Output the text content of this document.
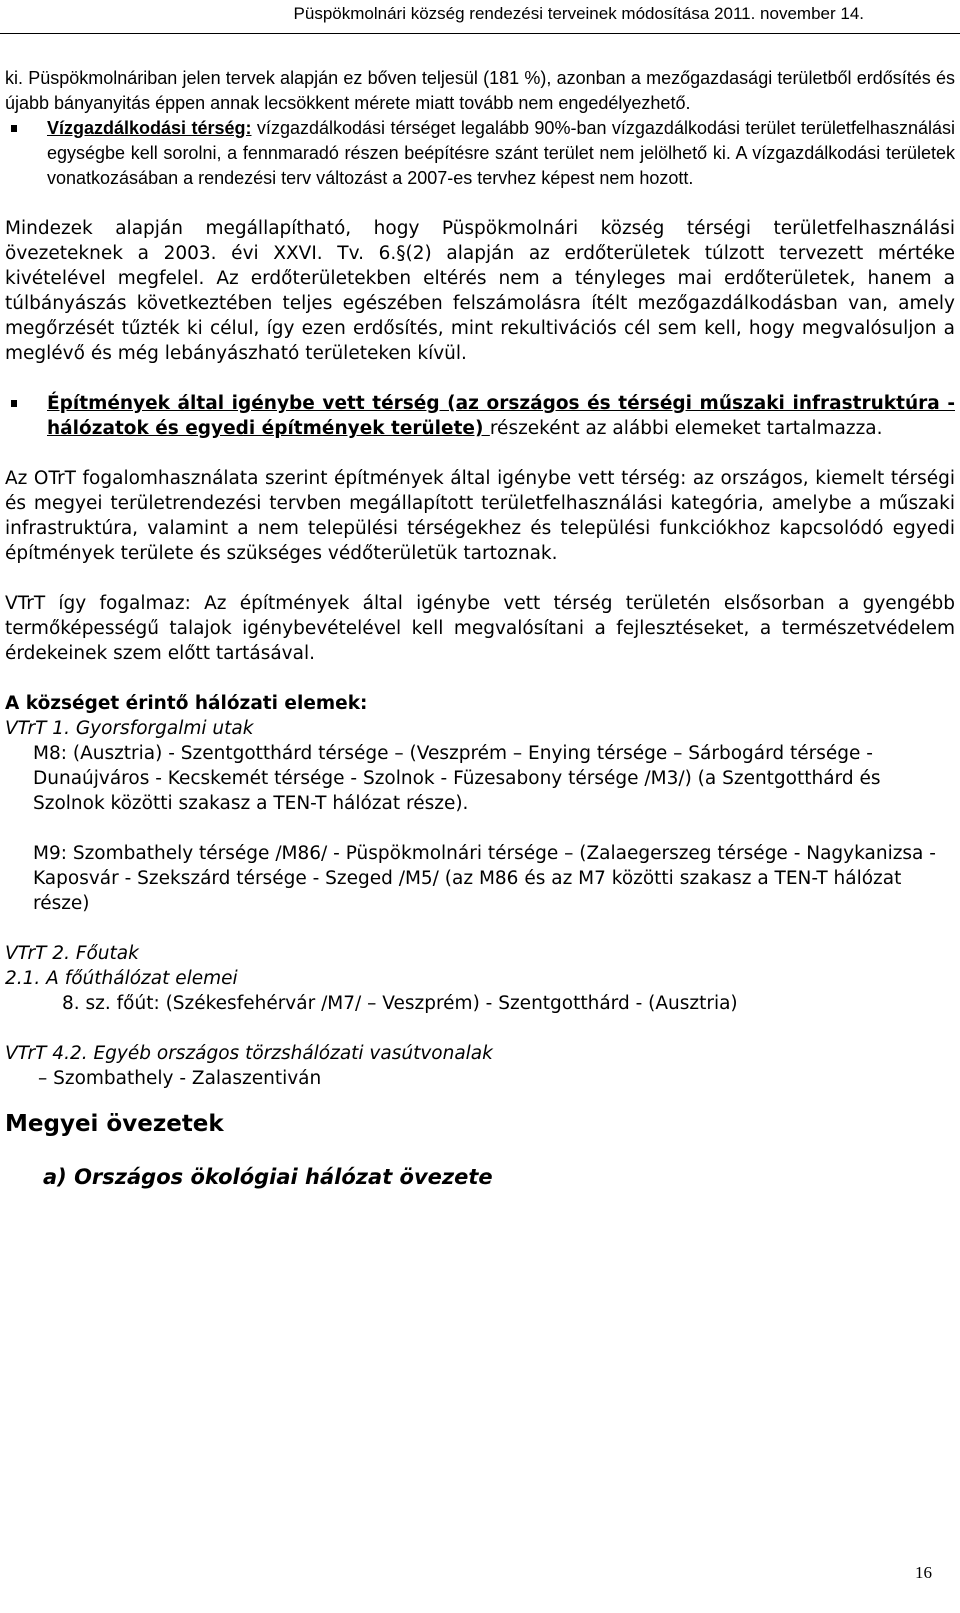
Püspökmolnári község rendezési terveinek módosítása 2011. november 14.

ki. Püspökmolnáriban jelen tervek alapján ez bőven teljesül (181 %), azonban a mezőgazdasági területből erdősítés és újabb bányanyitás éppen annak lecsökkent mérete miatt tovább nem engedélyezhető.

Vízgazdálkodási térség: vízgazdálkodási térséget legalább 90%-ban vízgazdálkodási terület területfelhasználási egységbe kell sorolni, a fennmaradó részen beépítésre szánt terület nem jelölhető ki. A vízgazdálkodási területek vonatkozásában a rendezési terv változást a 2007-es tervhez képest nem hozott.

Mindezek alapján megállapítható, hogy Püspökmolnári község térségi területfelhasználási övezeteknek a 2003. évi XXVI. Tv. 6.§(2) alapján az erdőterületek túlzott tervezett mértéke kivételével megfelel. Az erdőterületekben eltérés nem a tényleges mai erdőterületek, hanem a túlbányászás következtében teljes egészében felszámolásra ítélt mezőgazdálkodásban van, amely megőrzését tűzték ki célul, így ezen erdősítés, mint rekultivációs cél sem kell, hogy megvalósuljon a meglévő és még lebányászható területeken kívül.

Építmények által igénybe vett térség (az országos és térségi műszaki infrastruktúra - hálózatok és egyedi építmények területe) részeként az alábbi elemeket tartalmazza.

Az OTrT fogalomhasználata szerint építmények által igénybe vett térség: az országos, kiemelt térségi és megyei területrendezési tervben megállapított területfelhasználási kategória, amelybe a műszaki infrastruktúra, valamint a nem települési térségekhez és települési funkciókhoz kapcsolódó egyedi építmények területe és szükséges védőterületük tartoznak.

VTrT így fogalmaz: Az építmények által igénybe vett térség területén elsősorban a gyengébb termőképességű talajok igénybevételével kell megvalósítani a fejlesztéseket, a természetvédelem érdekeinek szem előtt tartásával.

A községet érintő hálózati elemek:

VTrT 1. Gyorsforgalmi utak

M8: (Ausztria) - Szentgotthárd térsége – (Veszprém – Enying térsége – Sárbogárd térsége - Dunaújváros - Kecskemét térsége - Szolnok - Füzesabony térsége /M3/) (a Szentgotthárd és Szolnok közötti szakasz a TEN-T hálózat része).

M9: Szombathely térsége /M86/ - Püspökmolnári térsége – (Zalaegerszeg térsége - Nagykanizsa - Kaposvár - Szekszárd térsége - Szeged /M5/ (az M86 és az M7 közötti szakasz a TEN-T hálózat része)

VTrT 2. Főutak

2.1. A főúthálózat elemei

8. sz. főút: (Székesfehérvár /M7/ – Veszprém) - Szentgotthárd - (Ausztria)

VTrT 4.2. Egyéb országos törzshálózati vasútvonalak

– Szombathely - Zalaszentiván

Megyei övezetek

a) Országos ökológiai hálózat övezete

16
